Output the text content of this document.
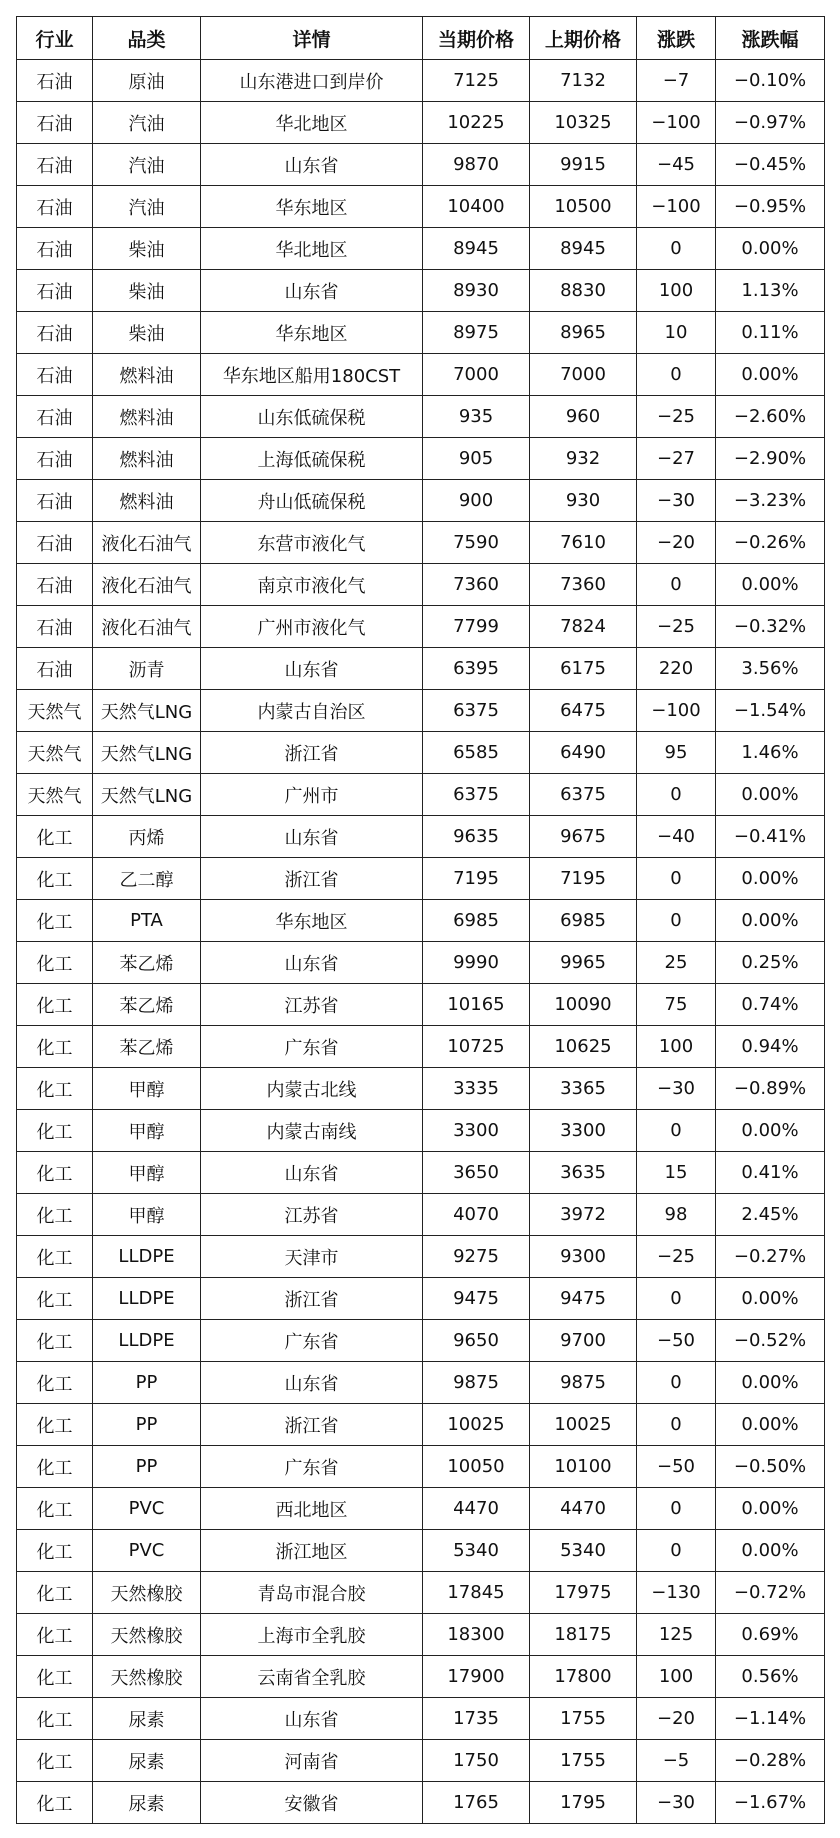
行业	品类	详情	当期价格	上期价格	涨跌	涨跌幅
石油	原油	山东港进口到岸价	7125	7132	−7	−0.10%
石油	汽油	华北地区	10225	10325	−100	−0.97%
石油	汽油	山东省	9870	9915	−45	−0.45%
石油	汽油	华东地区	10400	10500	−100	−0.95%
石油	柴油	华北地区	8945	8945	0	0.00%
石油	柴油	山东省	8930	8830	100	1.13%
石油	柴油	华东地区	8975	8965	10	0.11%
石油	燃料油	华东地区船用180CST	7000	7000	0	0.00%
石油	燃料油	山东低硫保税	935	960	−25	−2.60%
石油	燃料油	上海低硫保税	905	932	−27	−2.90%
石油	燃料油	舟山低硫保税	900	930	−30	−3.23%
石油	液化石油气	东营市液化气	7590	7610	−20	−0.26%
石油	液化石油气	南京市液化气	7360	7360	0	0.00%
石油	液化石油气	广州市液化气	7799	7824	−25	−0.32%
石油	沥青	山东省	6395	6175	220	3.56%
天然气	天然气LNG	内蒙古自治区	6375	6475	−100	−1.54%
天然气	天然气LNG	浙江省	6585	6490	95	1.46%
天然气	天然气LNG	广州市	6375	6375	0	0.00%
化工	丙烯	山东省	9635	9675	−40	−0.41%
化工	乙二醇	浙江省	7195	7195	0	0.00%
化工	PTA	华东地区	6985	6985	0	0.00%
化工	苯乙烯	山东省	9990	9965	25	0.25%
化工	苯乙烯	江苏省	10165	10090	75	0.74%
化工	苯乙烯	广东省	10725	10625	100	0.94%
化工	甲醇	内蒙古北线	3335	3365	−30	−0.89%
化工	甲醇	内蒙古南线	3300	3300	0	0.00%
化工	甲醇	山东省	3650	3635	15	0.41%
化工	甲醇	江苏省	4070	3972	98	2.45%
化工	LLDPE	天津市	9275	9300	−25	−0.27%
化工	LLDPE	浙江省	9475	9475	0	0.00%
化工	LLDPE	广东省	9650	9700	−50	−0.52%
化工	PP	山东省	9875	9875	0	0.00%
化工	PP	浙江省	10025	10025	0	0.00%
化工	PP	广东省	10050	10100	−50	−0.50%
化工	PVC	西北地区	4470	4470	0	0.00%
化工	PVC	浙江地区	5340	5340	0	0.00%
化工	天然橡胶	青岛市混合胶	17845	17975	−130	−0.72%
化工	天然橡胶	上海市全乳胶	18300	18175	125	0.69%
化工	天然橡胶	云南省全乳胶	17900	17800	100	0.56%
化工	尿素	山东省	1735	1755	−20	−1.14%
化工	尿素	河南省	1750	1755	−5	−0.28%
化工	尿素	安徽省	1765	1795	−30	−1.67%
